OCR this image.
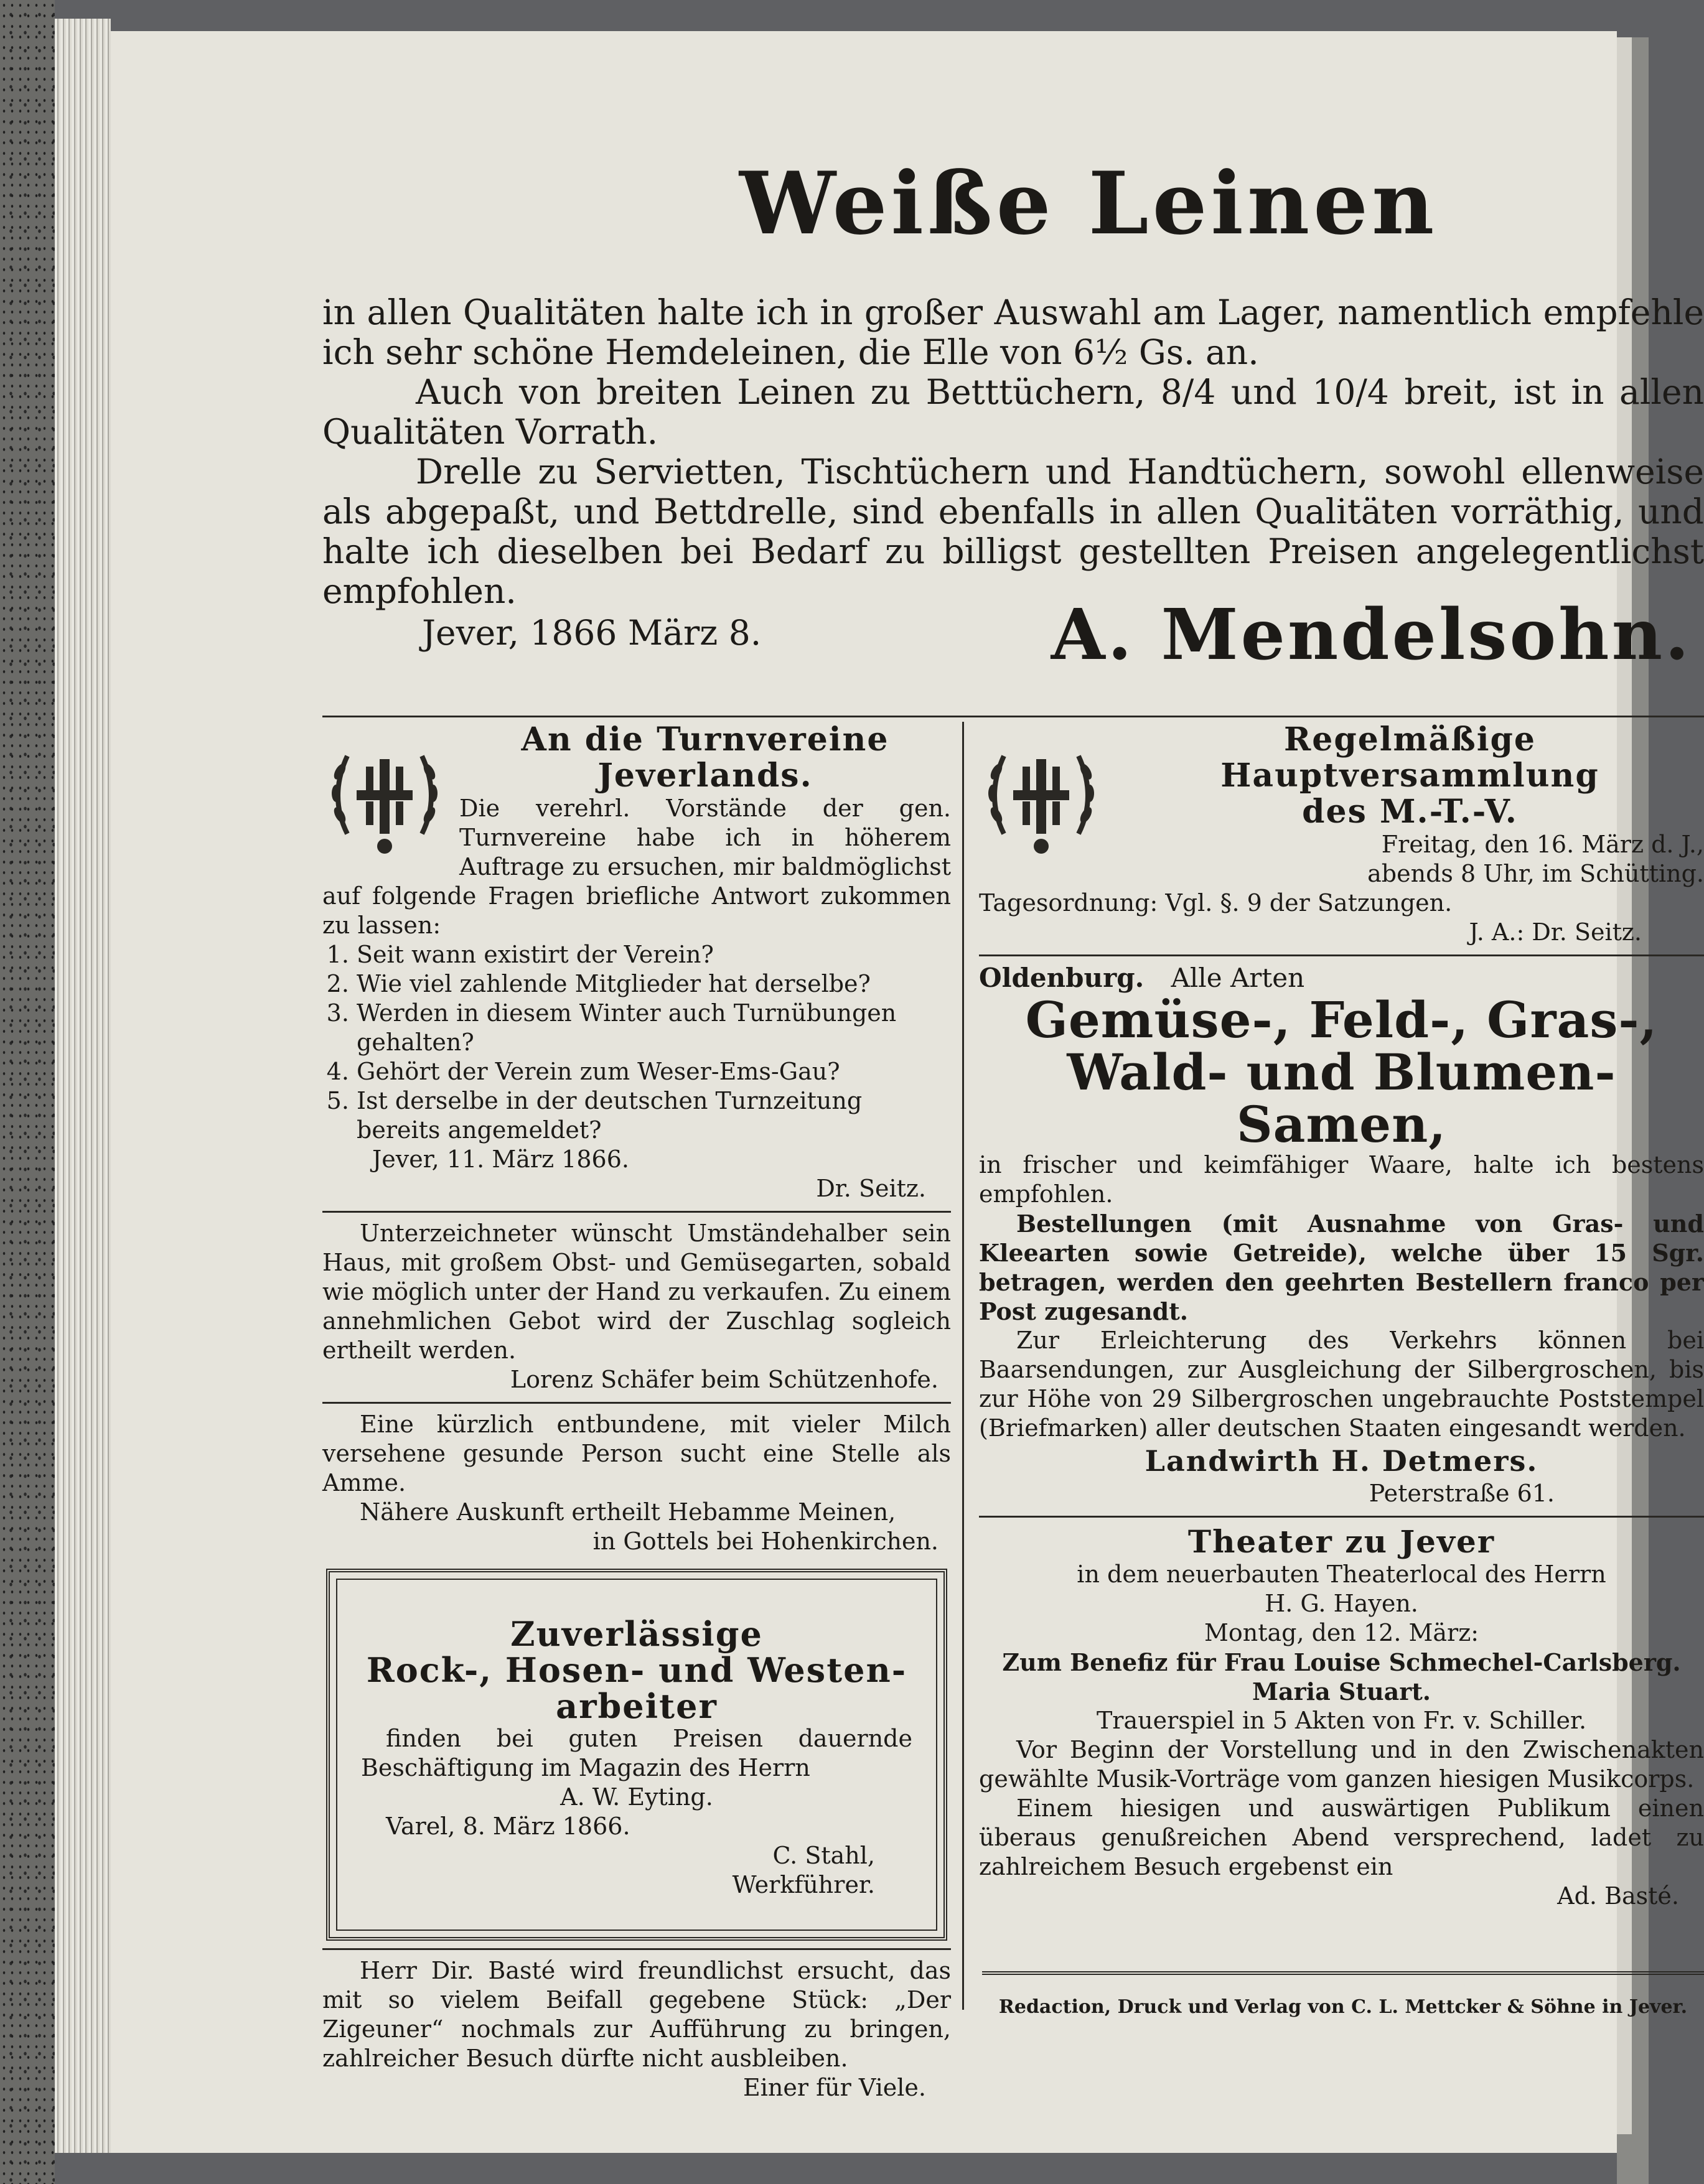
Weiße Leinen

in allen Qualitäten halte ich in großer Auswahl am Lager, namentlich empfehle ich sehr schöne Hemdeleinen, die Elle von 6½ Gs. an.

Auch von breiten Leinen zu Betttüchern, 8/4 und 10/4 breit, ist in allen Qualitäten Vorrath.

Drelle zu Servietten, Tischtüchern und Handtüchern, sowohl ellenweise als abgepaßt, und Bettdrelle, sind ebenfalls in allen Qualitäten vorräthig, und halte ich dieselben bei Bedarf zu billigst gestellten Preisen angelegentlichst empfohlen.

Jever, 1866 März 8.	A. Mendelsohn.
An die Turnvereine
Jeverlands.
Die verehrl. Vorstände der gen. Turnvereine habe ich in höherem Auftrage zu ersuchen, mir baldmöglichst auf folgende Fragen briefliche Antwort zukommen zu lassen:
1. Seit wann existirt der Verein?
2. Wie viel zahlende Mitglieder hat derselbe?
3. Werden in diesem Winter auch Turnübungen gehalten?
4. Gehört der Verein zum Weser-Ems-Gau?
5. Ist derselbe in der deutschen Turnzeitung bereits angemeldet?
Jever, 11. März 1866.
Dr. Seitz.
Unterzeichneter wünscht Umständehalber sein Haus, mit großem Obst- und Gemüsegarten, sobald wie möglich unter der Hand zu verkaufen. Zu einem annehmlichen Gebot wird der Zuschlag sogleich ertheilt werden.
Lorenz Schäfer beim Schützenhofe.
Eine kürzlich entbundene, mit vieler Milch versehene gesunde Person sucht eine Stelle als Amme.
Nähere Auskunft ertheilt Hebamme Meinen,
in Gottels bei Hohenkirchen.
Zuverlässige
Rock-, Hosen- und Westen-
arbeiter
finden bei guten Preisen dauernde Beschäftigung im Magazin des Herrn
A. W. Eyting.
Varel, 8. März 1866.
C. Stahl,
Werkführer.
Herr Dir. Basté wird freundlichst ersucht, das mit so vielem Beifall gegebene Stück: „Der Zigeuner“ nochmals zur Aufführung zu bringen, zahlreicher Besuch dürfte nicht ausbleiben.
Einer für Viele.
Regelmäßige
Hauptversammlung
des M.-T.-V.
Freitag, den 16. März d. J.,
abends 8 Uhr, im Schütting.
Tagesordnung: Vgl. §. 9 der Satzungen.
J. A.: Dr. Seitz.
Oldenburg. Alle Arten
Gemüse-, Feld-, Gras-,
Wald- und Blumen-
Samen,
in frischer und keimfähiger Waare, halte ich bestens empfohlen.
Bestellungen (mit Ausnahme von Gras- und Kleearten sowie Getreide), welche über 15 Sgr. betragen, werden den geehrten Bestellern franco per Post zugesandt.
Zur Erleichterung des Verkehrs können bei Baarsendungen, zur Ausgleichung der Silbergroschen, bis zur Höhe von 29 Silbergroschen ungebrauchte Poststempel (Briefmarken) aller deutschen Staaten eingesandt werden.
Landwirth H. Detmers.
Peterstraße 61.
Theater zu Jever
in dem neuerbauten Theaterlocal des Herrn
H. G. Hayen.
Montag, den 12. März:
Zum Benefiz für Frau Louise Schmechel-Carlsberg.
Maria Stuart.
Trauerspiel in 5 Akten von Fr. v. Schiller.
Vor Beginn der Vorstellung und in den Zwischenakten gewählte Musik-Vorträge vom ganzen hiesigen Musikcorps.
Einem hiesigen und auswärtigen Publikum einen überaus genußreichen Abend versprechend, ladet zu zahlreichem Besuch ergebenst ein
Ad. Basté.
Redaction, Druck und Verlag von C. L. Mettcker & Söhne in Jever.
